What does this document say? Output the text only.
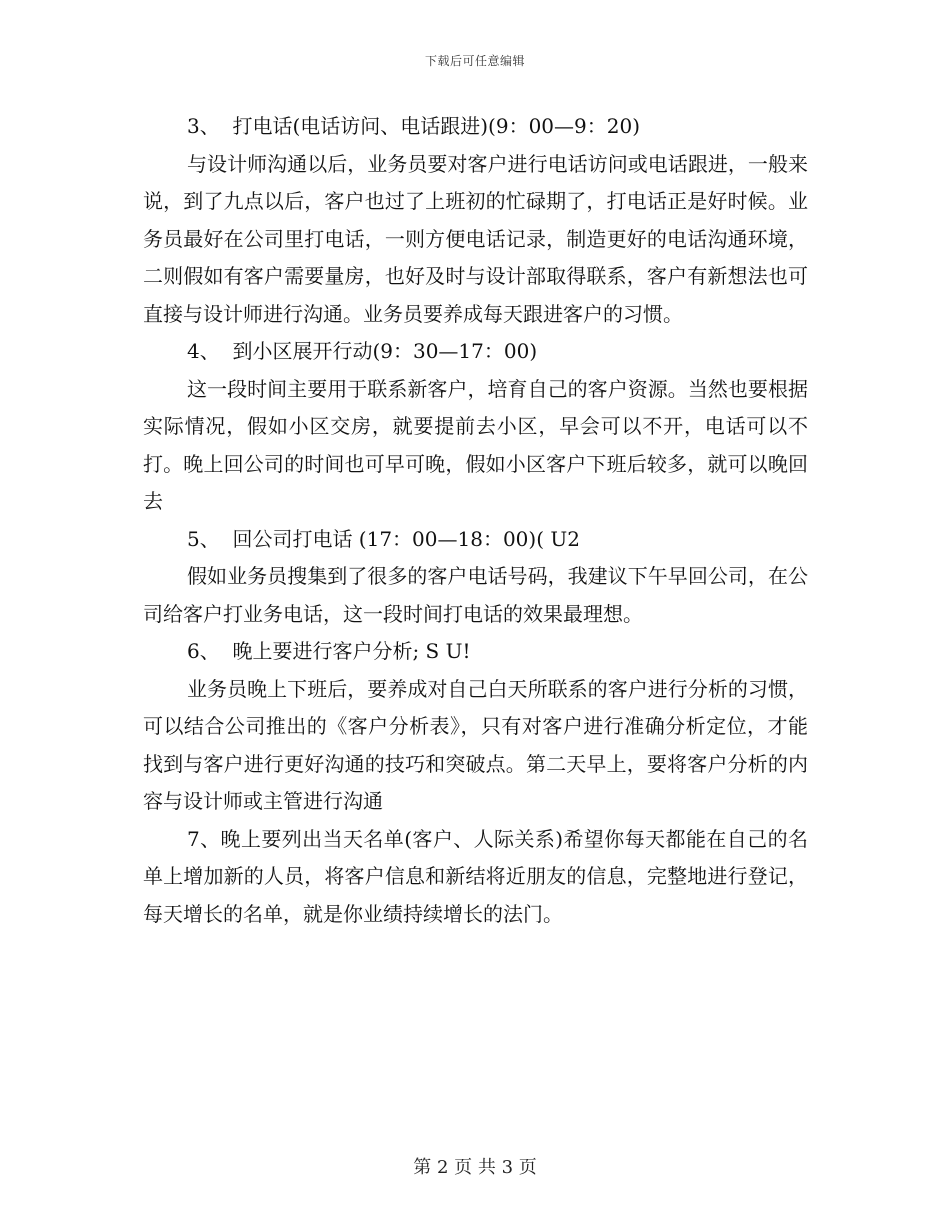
下载后可任意编辑

3、  打电话(电话访问、电话跟进)(9：00—9：20)

与设计师沟通以后，业务员要对客户进行电话访问或电话跟进，一般来说，到了九点以后，客户也过了上班初的忙碌期了，打电话正是好时候。业务员最好在公司里打电话，一则方便电话记录，制造更好的电话沟通环境，二则假如有客户需要量房，也好及时与设计部取得联系，客户有新想法也可直接与设计师进行沟通。业务员要养成每天跟进客户的习惯。

4、  到小区展开行动(9：30—17：00)

这一段时间主要用于联系新客户，培育自己的客户资源。当然也要根据实际情况，假如小区交房，就要提前去小区，早会可以不开，电话可以不打。晚上回公司的时间也可早可晚，假如小区客户下班后较多，就可以晚回去

5、  回公司打电话 (17：00—18：00)( U2

假如业务员搜集到了很多的客户电话号码，我建议下午早回公司，在公司给客户打业务电话，这一段时间打电话的效果最理想。

6、  晚上要进行客户分析; S U!

业务员晚上下班后，要养成对自己白天所联系的客户进行分析的习惯，可以结合公司推出的《客户分析表》，只有对客户进行准确分析定位，才能找到与客户进行更好沟通的技巧和突破点。第二天早上，要将客户分析的内容与设计师或主管进行沟通

7、晚上要列出当天名单(客户、人际关系)希望你每天都能在自己的名单上增加新的人员，将客户信息和新结将近朋友的信息，完整地进行登记，每天增长的名单，就是你业绩持续增长的法门。

第 2 页 共 3 页
